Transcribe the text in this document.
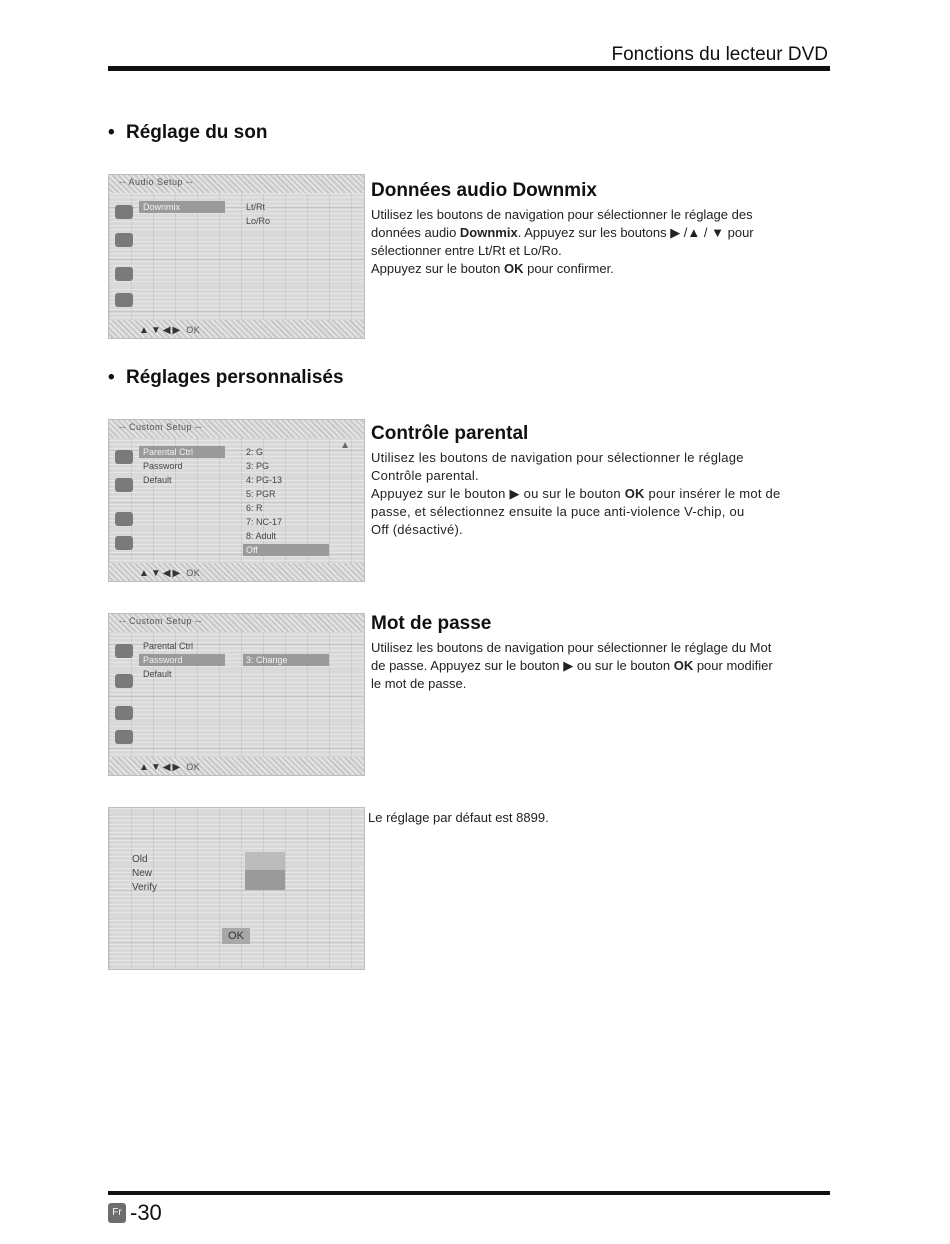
Fonctions du lecteur DVD
• Réglage du son
-- Audio Setup --
Downmix	Lt/Rt
Lo/Ro
▲▼◀▶ OK
Données audio Downmix

Utilisez les boutons de navigation pour sélectionner le réglage des
données audio Downmix. Appuyez sur les boutons ▶ /▲ / ▼ pour
sélectionner entre Lt/Rt et Lo/Ro.

Appuyez sur le bouton OK pour confirmer.

• Réglages personnalisés
-- Custom Setup --
▲
Parental Ctrl
Password
Default
2: G
3: PG
4: PG-13
5: PGR
6: R
7: NC-17
8: Adult
Off
▲▼◀▶ OK
Contrôle parental

Utilisez les boutons de navigation pour sélectionner le réglage
Contrôle parental.
Appuyez sur le bouton ▶ ou sur le bouton OK pour insérer le mot de
passe, et sélectionnez ensuite la puce anti-violence V-chip, ou
Off (désactivé).

-- Custom Setup --
Parental Ctrl
Password
Default
3: Change
▲▼◀▶ OK
Mot de passe

Utilisez les boutons de navigation pour sélectionner le réglage du Mot
de passe. Appuyez sur le bouton ▶ ou sur le bouton OK pour modifier
le mot de passe.

Old
New
Verify
OK

Le réglage par défaut est 8899.

Fr -30
